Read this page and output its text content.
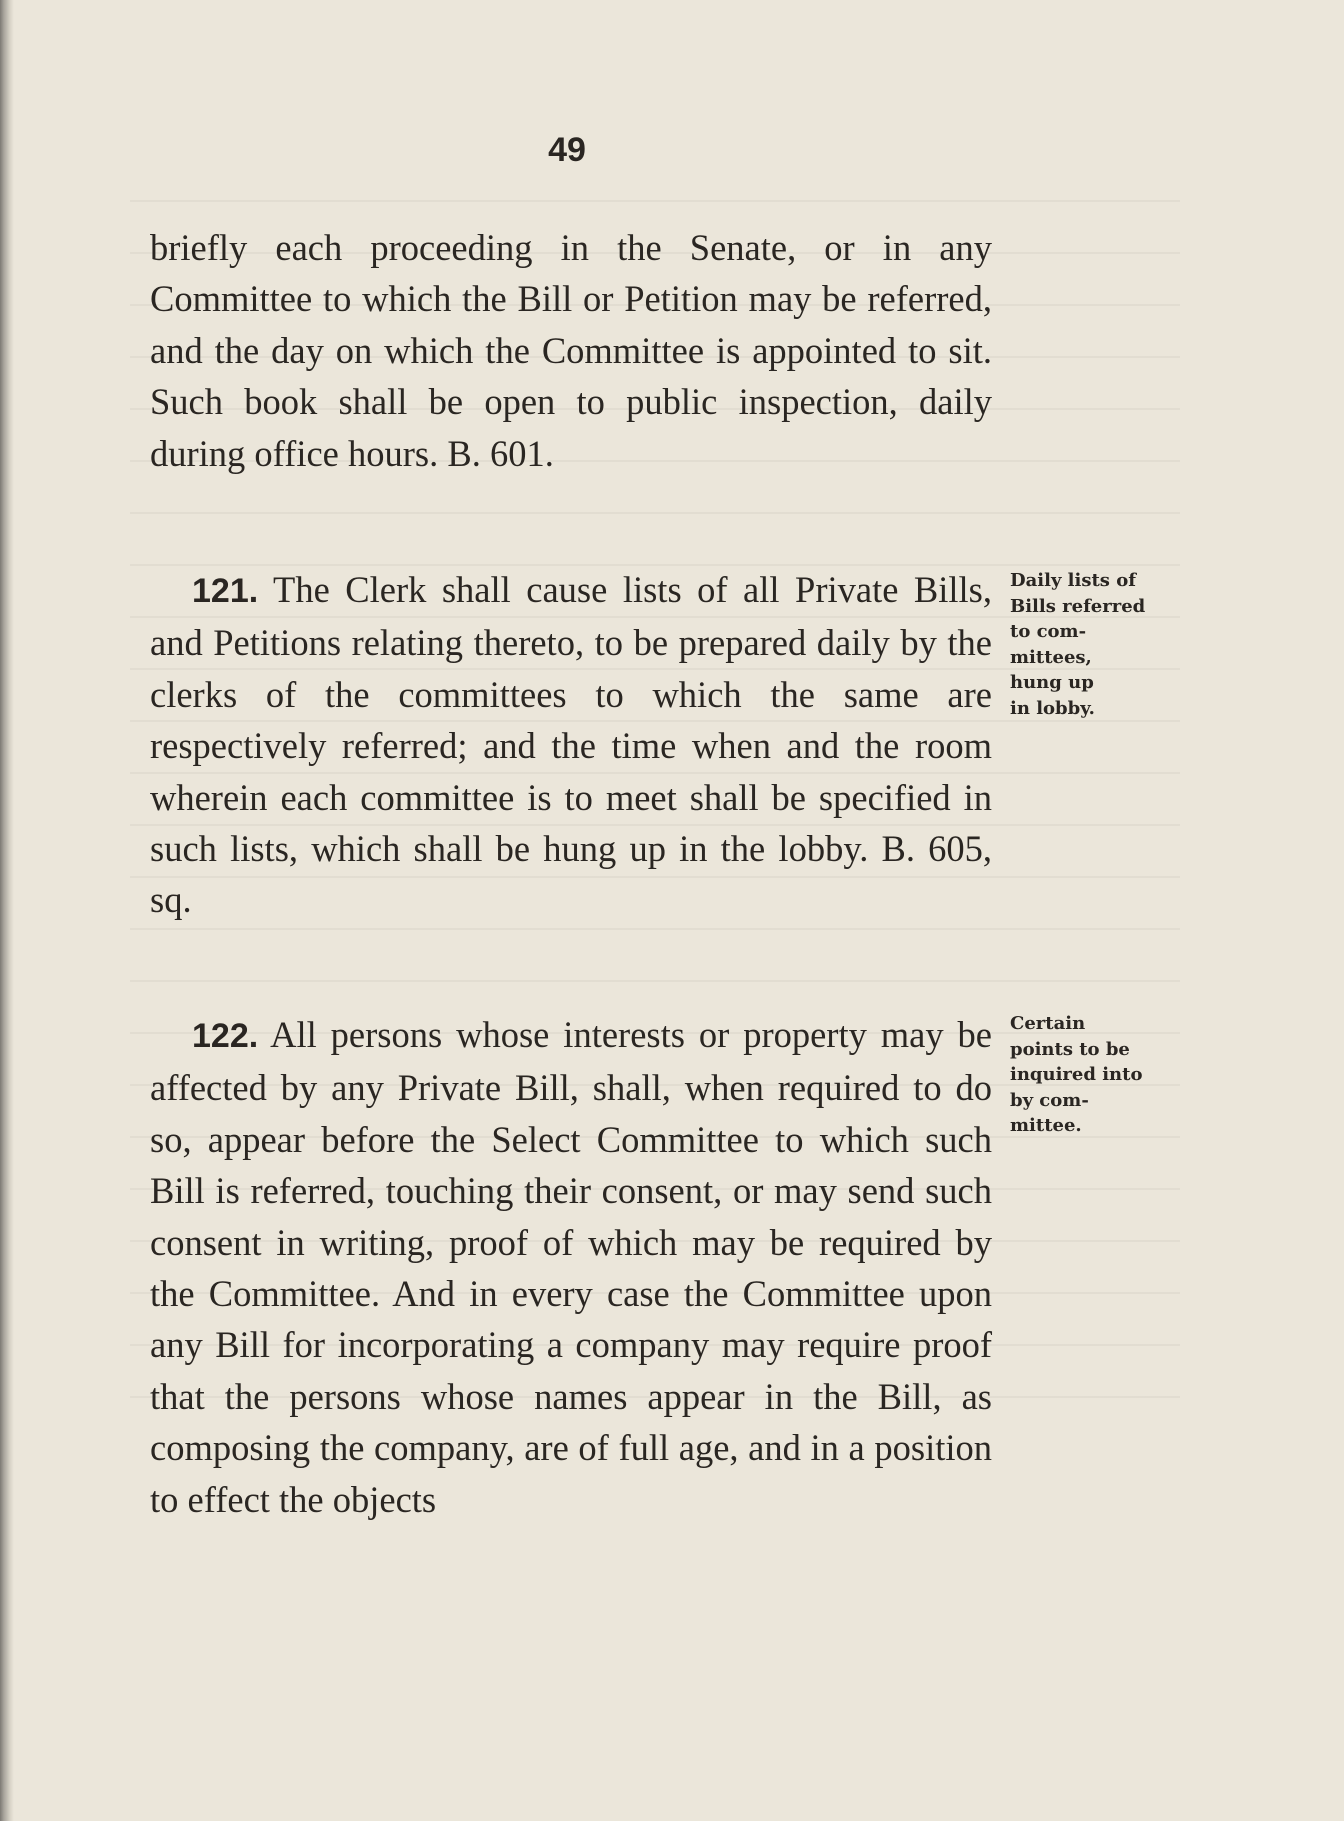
49

briefly each proceeding in the Senate, or in any Committee to which the Bill or Petition may be referred, and the day on which the Committee is appointed to sit. Such book shall be open to public inspection, daily during office hours. B. 601.

121. The Clerk shall cause lists of all Private Bills, and Petitions relating thereto, to be prepared daily by the clerks of the committees to which the same are respectively referred; and the time when and the room wherein each committee is to meet shall be specified in such lists, which shall be hung up in the lobby. B. 605, sq.

Daily lists of
Bills referred
to com-
mittees,
hung up
in lobby.

122. All persons whose interests or property may be affected by any Private Bill, shall, when required to do so, appear before the Select Committee to which such Bill is referred, touching their consent, or may send such consent in writing, proof of which may be required by the Committee. And in every case the Committee upon any Bill for incorporating a company may require proof that the persons whose names appear in the Bill, as composing the company, are of full age, and in a position to effect the objects

Certain
points to be
inquired into
by com-
mittee.
